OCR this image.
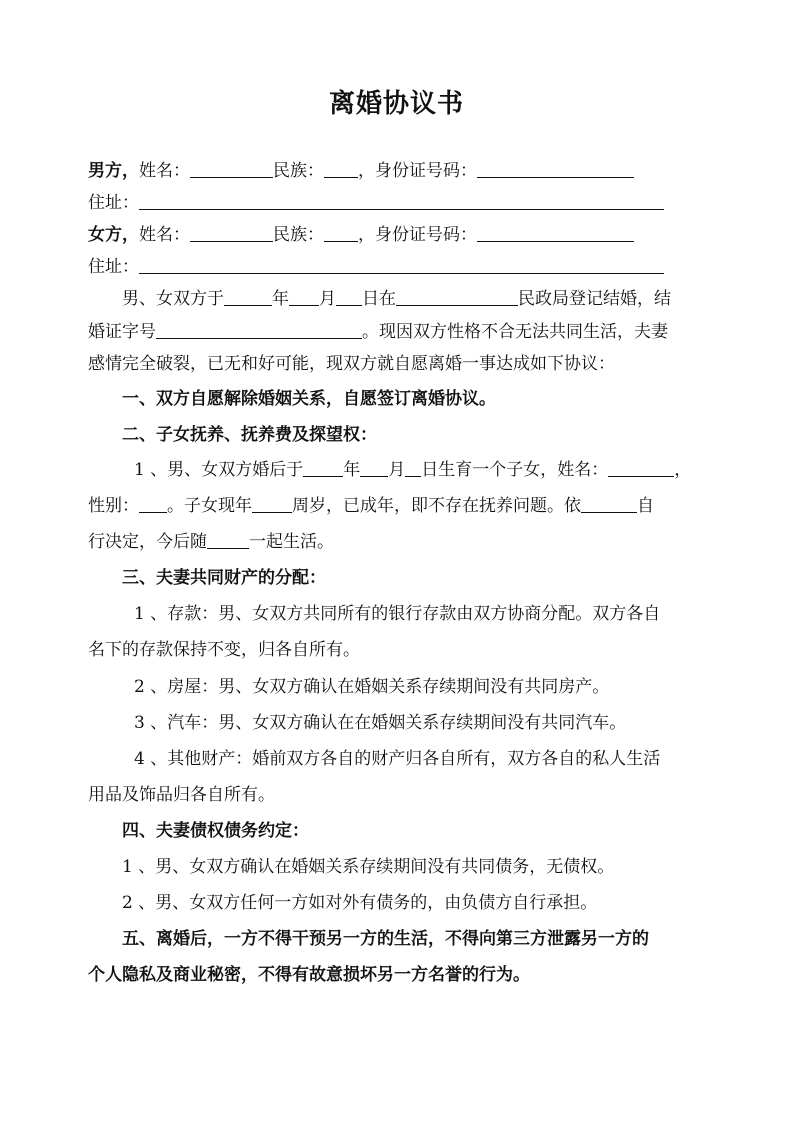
离婚协议书
男方，姓名：	民族： ，身份证号码：
住址：
女方，姓名：	民族： ，身份证号码：
住址：
男、女双方于	年 月 日在	民政局登记结婚，结
婚证字号	。现因双方性格不合无法共同生活，夫妻
感情完全破裂，已无和好可能，现双方就自愿离婚一事达成如下协议：
一、双方自愿解除婚姻关系，自愿签订离婚协议。
二、子女抚养、抚养费及探望权：
1 、男、女双方婚后于 年 月 日生育一个子女，姓名：	，
性别： 。子女现年 周岁，已成年，即不存在抚养问题。依	自
行决定，今后随 一起生活。
三、夫妻共同财产的分配：
1 、存款：男、女双方共同所有的银行存款由双方协商分配。双方各自
名下的存款保持不变，归各自所有。
2 、房屋：男、女双方确认在婚姻关系存续期间没有共同房产。
3 、汽车：男、女双方确认在在婚姻关系存续期间没有共同汽车。
4 、其他财产：婚前双方各自的财产归各自所有，双方各自的私人生活
用品及饰品归各自所有。
四、夫妻债权债务约定：
1 、男、女双方确认在婚姻关系存续期间没有共同债务，无债权。
2 、男、女双方任何一方如对外有债务的，由负债方自行承担。
五、离婚后，一方不得干预另一方的生活，不得向第三方泄露另一方的
个人隐私及商业秘密，不得有故意损坏另一方名誉的行为。
